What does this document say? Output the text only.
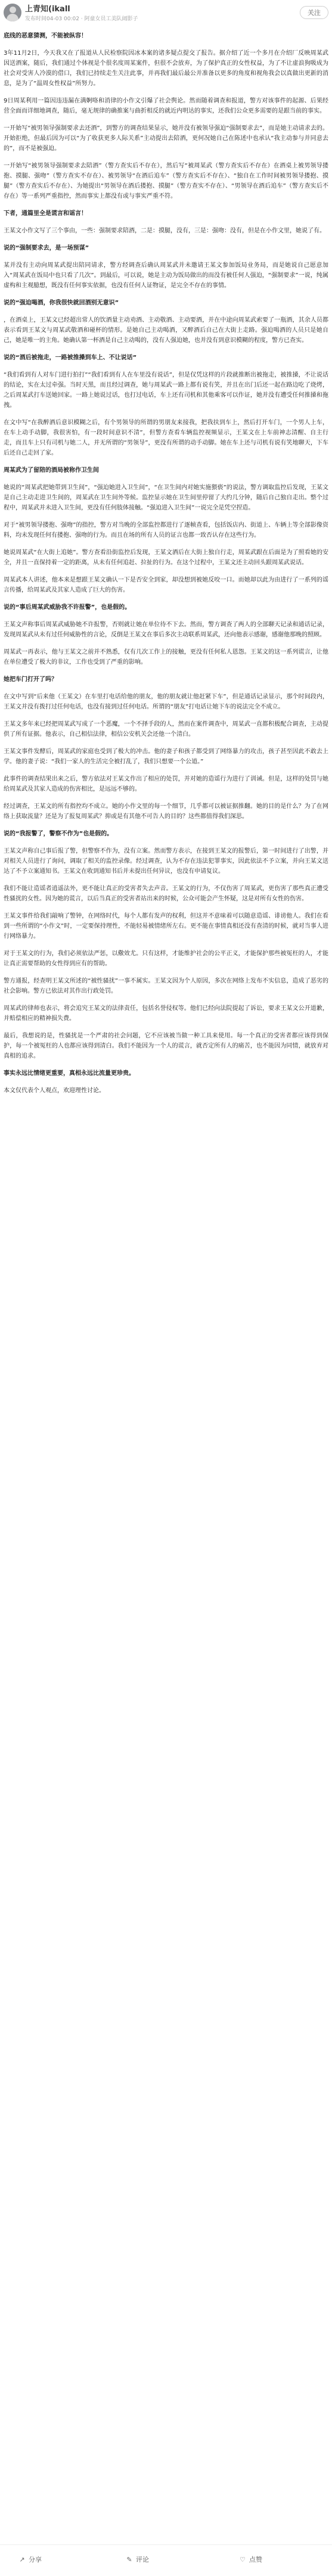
上青知(ikall
发布时间04-03 00:02 · 阿童女员工美队阔影子
关注

底线的恶意猜测，不能被纵容！

3年11月2日，今天我又在了报道从人民检察院因冰本案的诸多疑点提交了报告。据介绍了近一个多月在介绍厂反映周某武因送酒案，随后，我们通过个体视是个很名度周某案件，但很不会放弃，为了保护真正的女性权益，为了不让虚浪狗吸成为社会对受害人冷漠的借口，我们已持续走生关注此事，并再我们最后最公并准备以更多的角度和视角我会以真做出更新的消息，是为了“温周女性权益”所努力。

9日周某利用一篇因违违漏在满婀咯和消律的小作文引爆了社会舆论。然而随着调查和报道，警方对该事件的起源、后果经营全面而详细地调查，随后，毫无规律的确推案与曲折相反的就近内明达的事实，还我们公众更多需要的是跟当前的事实。

一开始写“被男领导强制要求去还酒”，到警方的调查结果显示，她并没有被领导强迫“强制要求去”，而是她主动请求去的。开始拒绝，但最后因为可以“为了收获更多人际关系”主动提出去陪酒，更何况她自己在陈述中也承认“我主动参与并同意去的”，而不是被强迫。

一开始写“被男领导强制要求去陪酒”（警方查实后不存在），然后写“被周某武（警方查实后不存在）在酒桌上被男领导搂抱、摸腿、强吻”（警方查实不存在）、被男领导“在酒后追车”（警方查实后不存在）、“独自在工作时间被男领导搂抱、摸腿”（警方查实后不存在）、为她提出“男领导在酒后搂抱、摸腿”（警方查实不存在）、“男领导在酒后追车”（警方查实后不存在）等一系列严重指控，然而事实上都没有或与事实严重不符。

下者，通篇里全是谎言和谣言！

王某文小作文写了三个事由，一些：强制要求陪酒，二是：摸腿，没有，三是：强吻：没有，但是在小作文里，她说了有。

说的“强制要求去，是一场预谋”

某并没有主动向周某武提出陪同请求，警方经调查后确认周某武并未邀请王某文参加饭局业务局，而是她说自己愿意加入“周某武在饭局中也只看了几次”。到最后，可以说，她是主动为饭局做出的而没有被任何人强迫，“强制要求”一说，纯属虚构和主观臆想，既没有任何事实依据，也没有任何人证物证，是完全不存在的事情。

说的“强迫喝酒，你我很快就回酒别无意识”

，在酒桌上，王某文已经超出常人的饮酒量主动劝酒、主动敬酒、主动要酒，并在中途向周某武索要了一瓶酒，其余人员都表示看到王某文与周某武敬酒和碰杯的情形。是她自己主动喝酒，又醉酒后自己在大街上走路。强迫喝酒的人员只是她自己，她是唯一的主角。她确认第一杯酒是自己主动喝的，没有人强迫她，也并没有到意识模糊的程度，警方已查实。

说的“酒后被拖走，一路被推搡到车上、不让说话”

“我们看到有人对车门进行拍打”“我们看到有人在车里没有说话”，但是仅凭这样的片段就推断出被拖走，被推搡，不让说话的结论，实在太过牵强。当时天黑，而且经过调查，她与周某武一路上都有说有笑，并且在出门后还一起在路边吃了烧烤，之后周某武打车送她回家。一路上她说过话，也打过电话，车上还有司机和其他乘客可以作证，她并没有遭受任何推搡和拖拽。

在文中写“在我醉酒后意识模糊之后，有个男领导的所谓的男朋友来接我，把我扶到车上，然后打开车门，一个男人上车，在车上动手动脚，我很害怕，有一段时间意识不清”，但警方查看车辆监控视频显示，王某文在上车前神志清醒、自主行走，而且车上只有司机与她二人，并无所谓的“男领导”，更没有所谓的动手动脚。她在车上还与司机有说有笑地聊天，下车后还自己走回了家。

周某武为了留陪的酒局被称作卫生间

她说的“周某武把她带到卫生间”，“强迫她进入卫生间”，“在卫生间内对她实施猥亵”的说法，警方调取监控后发现，王某文是自己主动走进卫生间的，周某武在卫生间外等候。监控显示她在卫生间里停留了大约几分钟，随后自己独自走出。整个过程中，周某武并未进入卫生间，更没有任何肢体接触。“强迫进入卫生间”一说完全是凭空捏造。

对于“被男领导搂抱、强吻”的指控，警方对当晚的全部监控都进行了逐帧查看，包括饭店内、街道上、车辆上等全部影像资料，均未发现任何有搂抱、强吻的行为。而且在场的所有人员的证言也都一致否认存在这些行为。

她说周某武“在大街上追她”。警方查看沿街监控后发现，王某文酒后在大街上独自行走，周某武跟在后面是为了照看她的安全，并且一直保持着一定的距离，从未有任何追赶、拉扯的行为。在这个过程中，王某文还主动回头跟周某武说话。

周某武本人讲述，他本来是想跟王某文确认一下是否安全到家，却没想到被她反咬一口。而她却以此为由进行了一系列的谣言传播，给周某武及其家人造成了巨大的伤害。

说的“事后周某武威胁我不许报警”，也是假的。

王某文声称事后周某武威胁她不许报警，否则就让她在单位待不下去。然而，警方调查了两人的全部聊天记录和通话记录，发现周某武从未有过任何威胁性的言论，反倒是王某文在事后多次主动联系周某武，还向他表示感谢，感谢他那晚的照顾。

周某武一再表示，他与王某文之前并不熟悉，仅有几次工作上的接触，更没有任何私人恩怨。王某文的这一系列谎言，让他在单位遭受了极大的非议，工作也受到了严重的影响。

她把车门打开了吗？

在文中写到“后来他（王某文）在车里打电话给他的朋友，他的朋友就让他赶紧下车”，但是通话记录显示，那个时间段内，王某文并没有拨打过任何电话，也没有接到过任何电话。所谓的“朋友”打电话让她下车的说法完全不成立。

王某文多年来已经把周某武写成了一个恶魔，一个不择手段的人，然而在案件调查中，周某武一直都积极配合调查，主动提供了所有证据。他表示，自己相信法律，相信公安机关会还他一个清白。

王某文事件发酵后，周某武的家庭也受到了极大的冲击。他的妻子和孩子都受到了网络暴力的攻击，孩子甚至因此不敢去上学。他的妻子说：“我们一家人的生活完全被打乱了，我们只想要一个公道。”

此事件的调查结果出来之后，警方依法对王某文作出了相应的处罚，并对她的造谣行为进行了训诫。但是，这样的处罚与她给周某武及其家人造成的伤害相比，是远远不够的。

经过调查，王某文的所有指控均不成立。她的小作文里的每一个细节，几乎都可以被证据推翻。她的目的是什么？为了在网络上获取流量？还是为了报复周某武？抑或是有其他不可告人的目的？这些都值得我们深思。

说的“我报警了，警察不作为”也是假的。

王某文声称自己事后报了警，但警察不作为，没有立案。然而警方表示，在接到王某文的报警后，第一时间进行了出警，并对相关人员进行了询问，调取了相关的监控录像。经过调查，认为不存在违法犯罪事实，因此依法不予立案，并向王某文送达了不予立案通知书。王某文在收到通知书后并未提出任何异议，也没有申请复议。

我们不能让造谣者逍遥法外，更不能让真正的受害者失去声音。王某文的行为，不仅伤害了周某武，更伤害了那些真正遭受性骚扰的女性。因为她的谎言，以后当真正的受害者站出来的时候，公众可能会产生怀疑，这是对所有女性的伤害。

王某文事件给我们敲响了警钟，在网络时代，每个人都有发声的权利，但这并不意味着可以随意造谣、诽谤他人。我们在看到一些所谓的“小作文”时，一定要保持理性，不能轻易被情绪所左右。更不能在事情真相还没有查清的时候，就对当事人进行网络暴力。

对于王某文的行为，我们必须依法严惩，以儆效尤。只有这样，才能维护社会的公平正义，才能保护那些被冤枉的人，才能让真正需要帮助的女性得到应有的帮助。

警方通报，经查明王某文所述的“被性骚扰”一事不属实。王某文因为个人原因，多次在网络上发布不实信息，造成了恶劣的社会影响。警方已依法对其作出行政处罚。

周某武的律师也表示，将会追究王某文的法律责任，包括名誉侵权等。他们已经向法院提起了诉讼，要求王某文公开道歉，并赔偿相应的精神损失费。

最后，我想说的是，性骚扰是一个严肃的社会问题，它不应该被当做一种工具来使用。每一个真正的受害者都应该得到保护，每一个被冤枉的人也都应该得到清白。我们不能因为一个人的谎言，就否定所有人的痛苦，也不能因为同情，就放弃对真相的追求。

事实永远比情绪更重要，真相永远比流量更珍贵。

本文仅代表个人观点，欢迎理性讨论。

↗ 分享	✎ 评论	♡ 点赞
